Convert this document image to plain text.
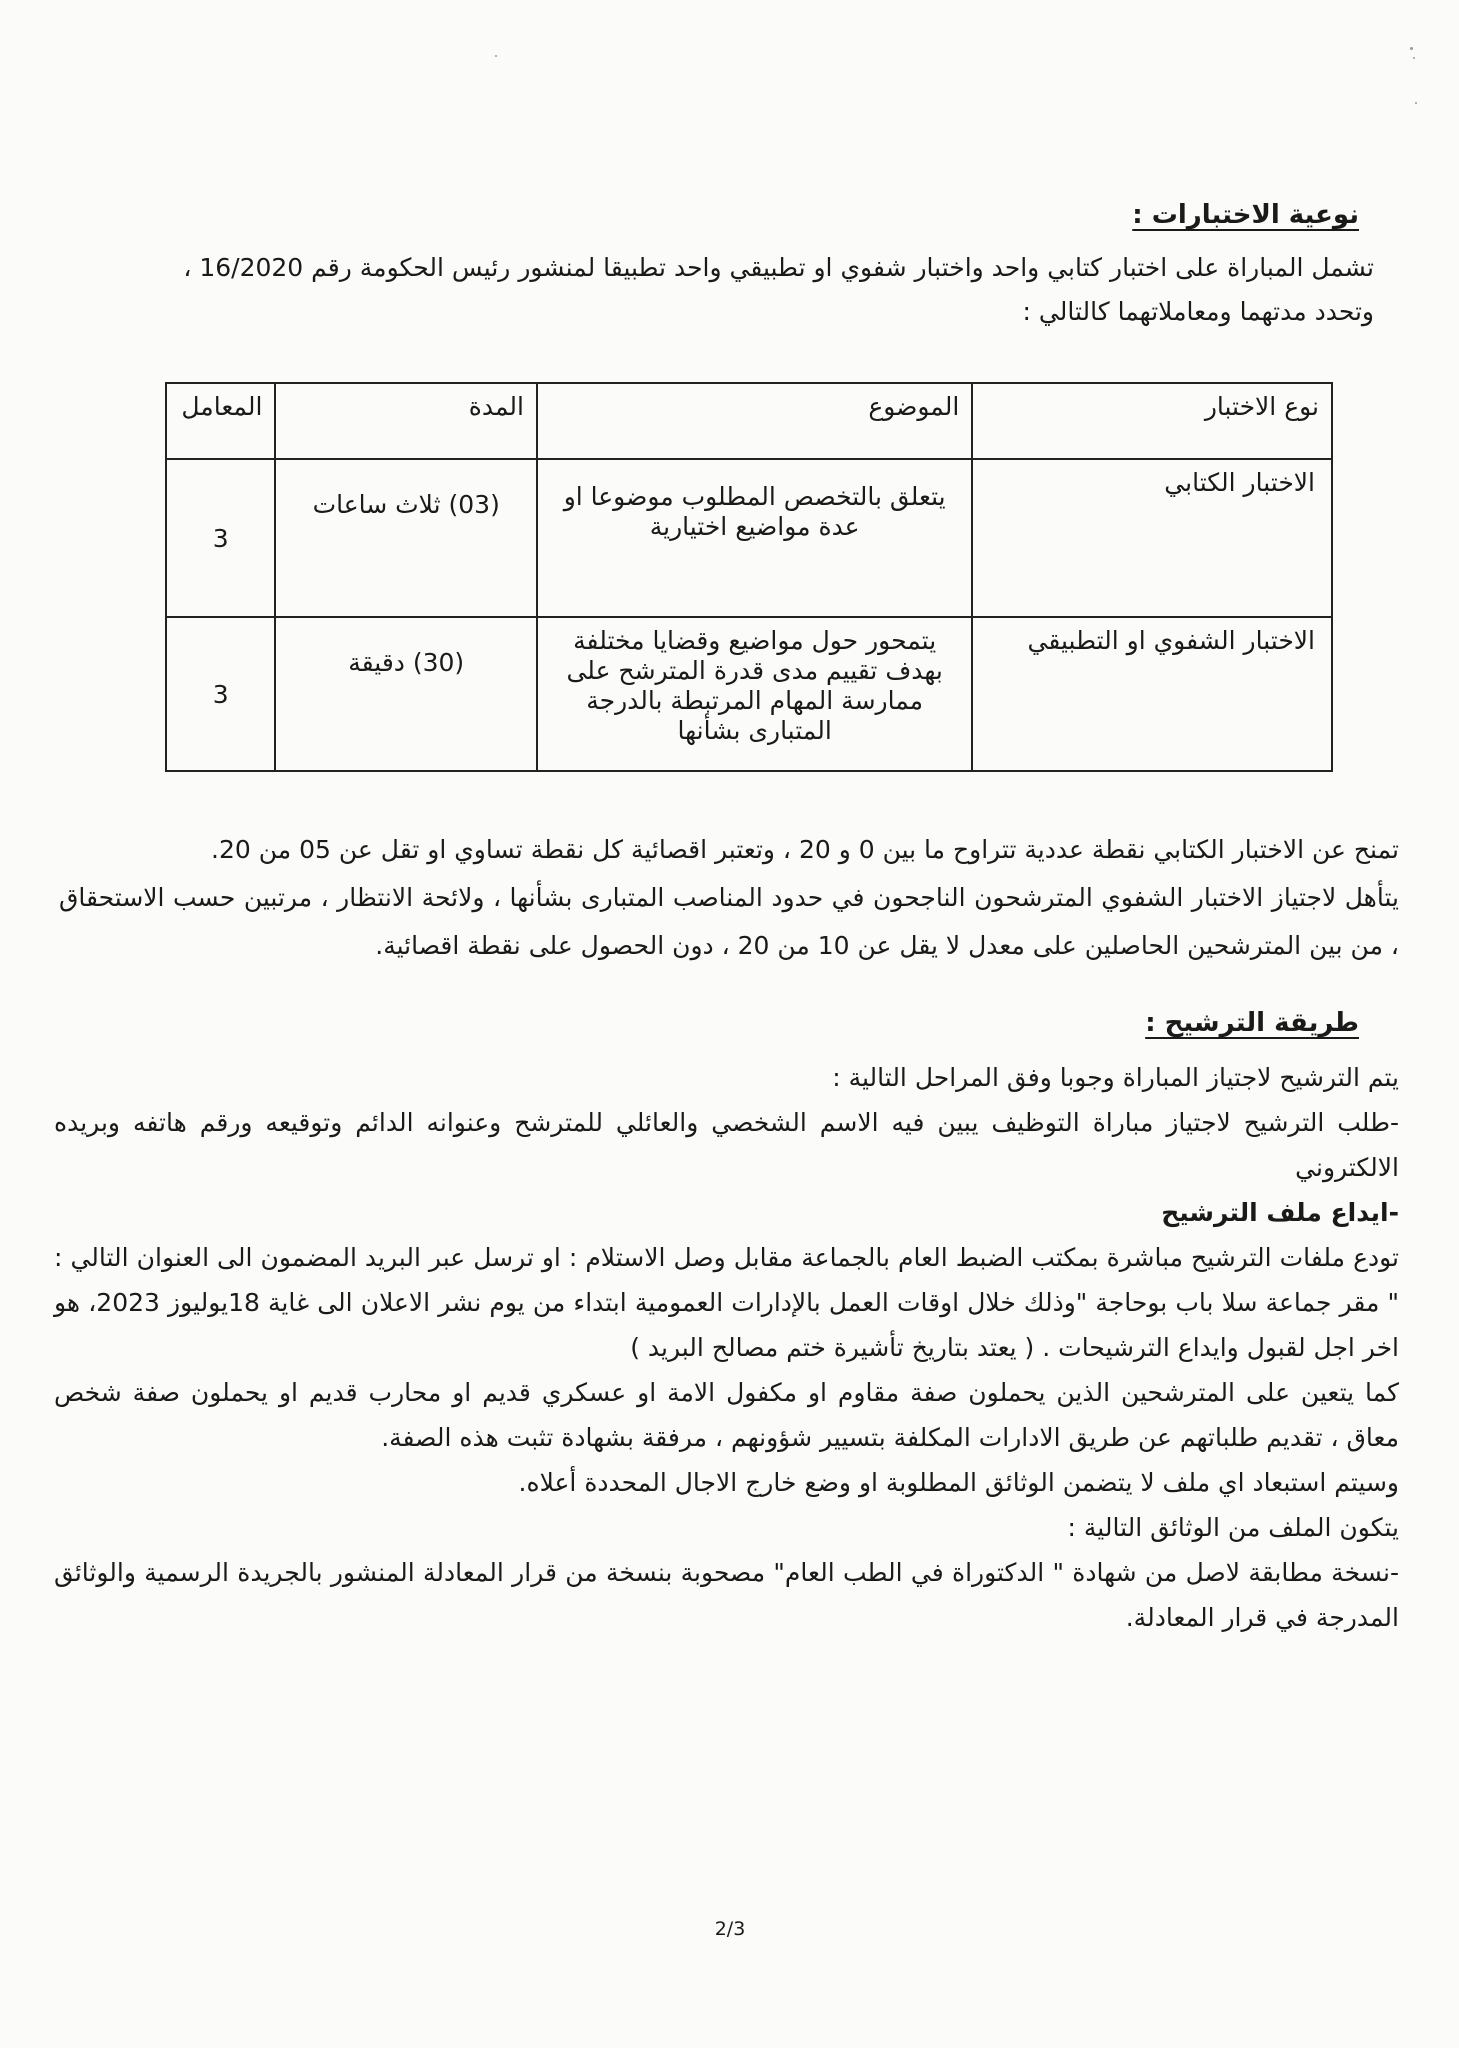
نوعية الاختبارات :

تشمل المباراة على اختبار كتابي واحد واختبار شفوي او تطبيقي واحد تطبيقا لمنشور رئيس الحكومة رقم 16/2020 ،

وتحدد مدتهما ومعاملاتهما كالتالي :

نوع الاختبار	الموضوع	المدة	المعامل
الاختبار الكتابي	يتعلق بالتخصص المطلوب موضوعا او عدة مواضيع اختيارية	(03) ثلاث ساعات	3
الاختبار الشفوي او التطبيقي	يتمحور حول مواضيع وقضايا مختلفة بهدف تقييم مدى قدرة المترشح على ممارسة المهام المرتبطة بالدرجة المتبارى بشأنها	(30) دقيقة	3

تمنح عن الاختبار الكتابي نقطة عددية تتراوح ما بين 0 و 20 ، وتعتبر اقصائية كل نقطة تساوي او تقل عن 05 من 20.

يتأهل لاجتياز الاختبار الشفوي المترشحون الناجحون في حدود المناصب المتبارى بشأنها ، ولائحة الانتظار ، مرتبين حسب الاستحقاق ، من بين المترشحين الحاصلين على معدل لا يقل عن 10 من 20 ، دون الحصول على نقطة اقصائية.

طريقة الترشيح :

يتم الترشيح لاجتياز المباراة وجوبا وفق المراحل التالية :

-طلب الترشيح لاجتياز مباراة التوظيف يبين فيه الاسم الشخصي والعائلي للمترشح وعنوانه الدائم وتوقيعه ورقم هاتفه وبريده الالكتروني

-ايداع ملف الترشيح

تودع ملفات الترشيح مباشرة بمكتب الضبط العام بالجماعة مقابل وصل الاستلام : او ترسل عبر البريد المضمون الى العنوان التالي : " مقر جماعة سلا باب بوحاجة "وذلك خلال اوقات العمل بالإدارات العمومية ابتداء من يوم نشر الاعلان الى غاية 18يوليوز 2023، هو اخر اجل لقبول وايداع الترشيحات . ( يعتد بتاريخ تأشيرة ختم مصالح البريد )

كما يتعين على المترشحين الذين يحملون صفة مقاوم او مكفول الامة او عسكري قديم او محارب قديم او يحملون صفة شخص معاق ، تقديم طلباتهم عن طريق الادارات المكلفة بتسيير شؤونهم ، مرفقة بشهادة تثبت هذه الصفة.

وسيتم استبعاد اي ملف لا يتضمن الوثائق المطلوبة او وضع خارج الاجال المحددة أعلاه.

يتكون الملف من الوثائق التالية :

-نسخة مطابقة لاصل من شهادة " الدكتوراة في الطب العام" مصحوبة بنسخة من قرار المعادلة المنشور بالجريدة الرسمية والوثائق المدرجة في قرار المعادلة.

2/3
